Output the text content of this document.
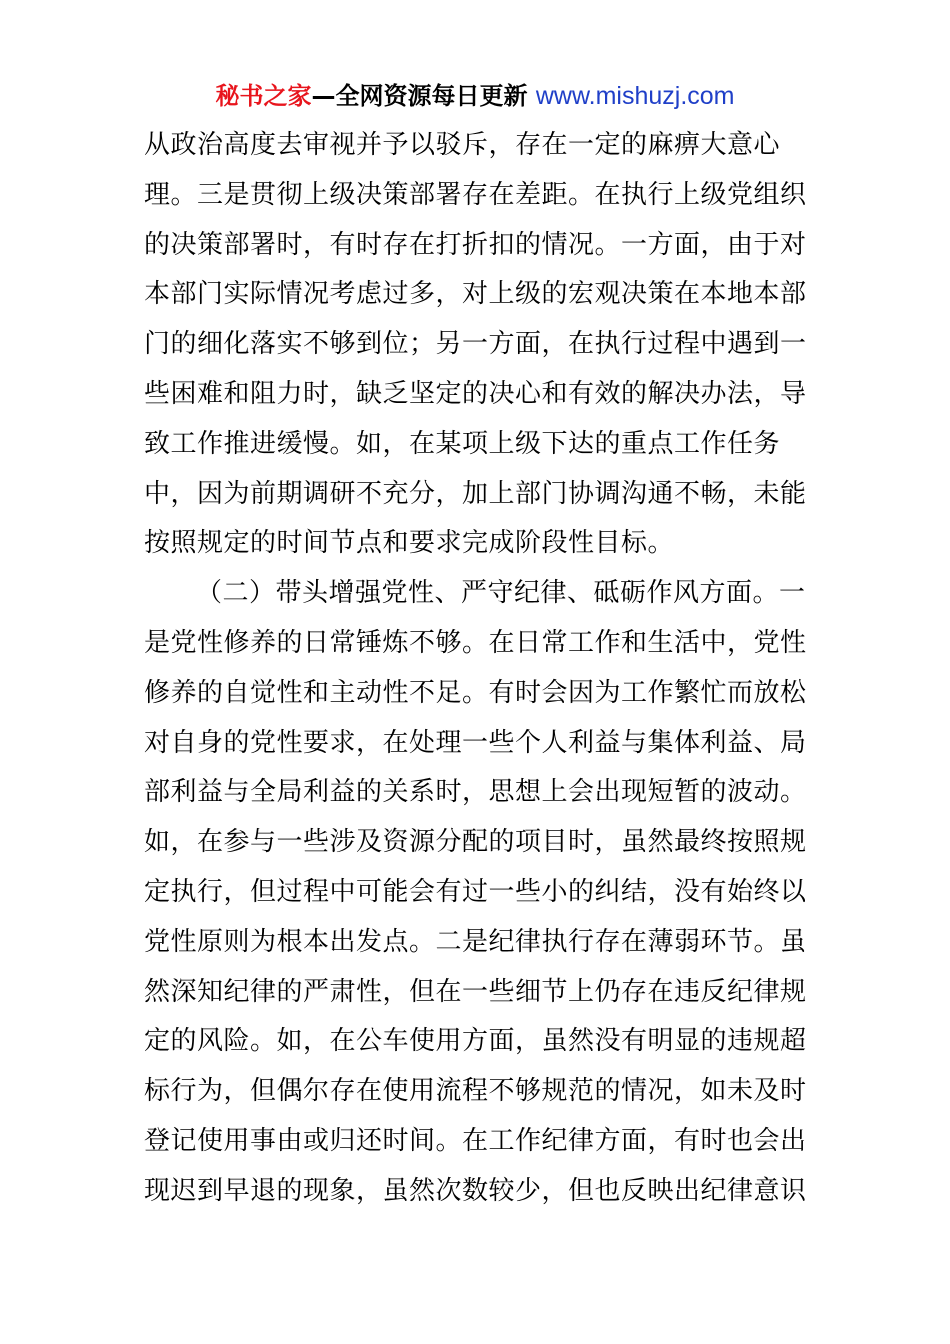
秘书之家—全网资源每日更新 www.mishuzj.com
从政治高度去审视并予以驳斥，存在一定的麻痹大意心
理。三是贯彻上级决策部署存在差距。在执行上级党组织
的决策部署时，有时存在打折扣的情况。一方面，由于对
本部门实际情况考虑过多，对上级的宏观决策在本地本部
门的细化落实不够到位；另一方面，在执行过程中遇到一
些困难和阻力时，缺乏坚定的决心和有效的解决办法，导
致工作推进缓慢。如，在某项上级下达的重点工作任务
中，因为前期调研不充分，加上部门协调沟通不畅，未能
按照规定的时间节点和要求完成阶段性目标。
（二）带头增强党性、严守纪律、砥砺作风方面。一
是党性修养的日常锤炼不够。在日常工作和生活中，党性
修养的自觉性和主动性不足。有时会因为工作繁忙而放松
对自身的党性要求，在处理一些个人利益与集体利益、局
部利益与全局利益的关系时，思想上会出现短暂的波动。
如，在参与一些涉及资源分配的项目时，虽然最终按照规
定执行，但过程中可能会有过一些小的纠结，没有始终以
党性原则为根本出发点。二是纪律执行存在薄弱环节。虽
然深知纪律的严肃性，但在一些细节上仍存在违反纪律规
定的风险。如，在公车使用方面，虽然没有明显的违规超
标行为，但偶尔存在使用流程不够规范的情况，如未及时
登记使用事由或归还时间。在工作纪律方面，有时也会出
现迟到早退的现象，虽然次数较少，但也反映出纪律意识
